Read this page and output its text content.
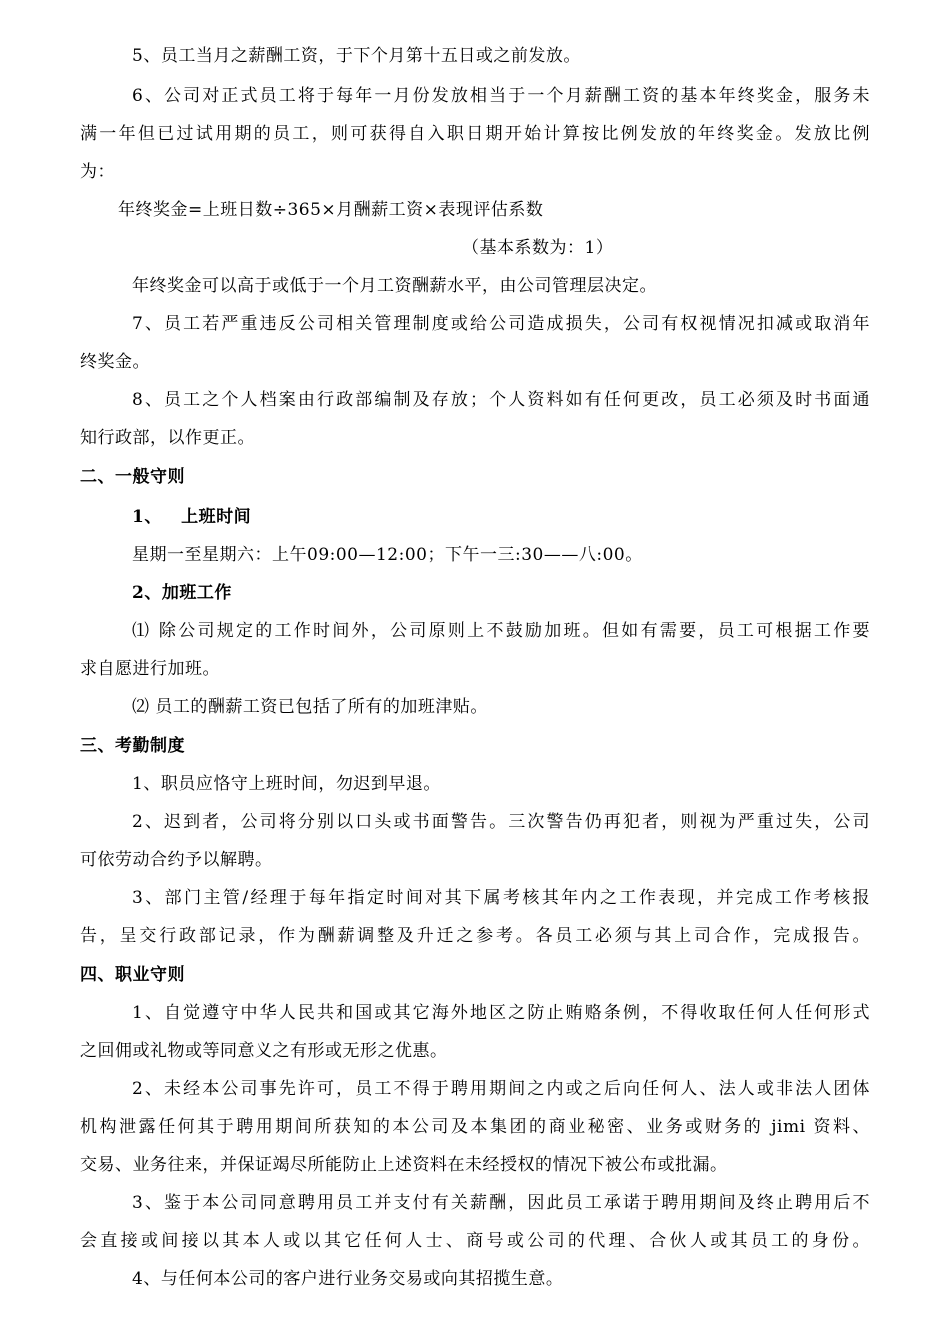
5、员工当月之薪酬工资，于下个月第十五日或之前发放。
6、公司对正式员工将于每年一月份发放相当于一个月薪酬工资的基本年终奖金，服务未
满一年但已过试用期的员工，则可获得自入职日期开始计算按比例发放的年终奖金。发放比例
为：
年终奖金=上班日数÷365×月酬薪工资×表现评估系数
（基本系数为：1）
年终奖金可以高于或低于一个月工资酬薪水平，由公司管理层决定。
7、员工若严重违反公司相关管理制度或给公司造成损失，公司有权视情况扣减或取消年
终奖金。
8、员工之个人档案由行政部编制及存放；个人资料如有任何更改，员工必须及时书面通
知行政部，以作更正。
二、一般守则
1、   上班时间
星期一至星期六：上午09:00—12:00；下午一三:30——八:00。
2、加班工作
⑴ 除公司规定的工作时间外，公司原则上不鼓励加班。但如有需要，员工可根据工作要
求自愿进行加班。
⑵ 员工的酬薪工资已包括了所有的加班津贴。
三、考勤制度
1、职员应恪守上班时间，勿迟到早退。
2、迟到者，公司将分别以口头或书面警告。三次警告仍再犯者，则视为严重过失，公司
可依劳动合约予以解聘。
3、部门主管/经理于每年指定时间对其下属考核其年内之工作表现，并完成工作考核报
告，呈交行政部记录，作为酬薪调整及升迁之参考。各员工必须与其上司合作，完成报告。
四、职业守则
1、自觉遵守中华人民共和国或其它海外地区之防止贿赂条例，不得收取任何人任何形式
之回佣或礼物或等同意义之有形或无形之优惠。
2、未经本公司事先许可，员工不得于聘用期间之内或之后向任何人、法人或非法人团体
机构泄露任何其于聘用期间所获知的本公司及本集团的商业秘密、业务或财务的 jimi 资料、
交易、业务往来，并保证竭尽所能防止上述资料在未经授权的情况下被公布或批漏。
3、鉴于本公司同意聘用员工并支付有关薪酬，因此员工承诺于聘用期间及终止聘用后不
会直接或间接以其本人或以其它任何人士、商号或公司的代理、合伙人或其员工的身份。
4、与任何本公司的客户进行业务交易或向其招揽生意。
